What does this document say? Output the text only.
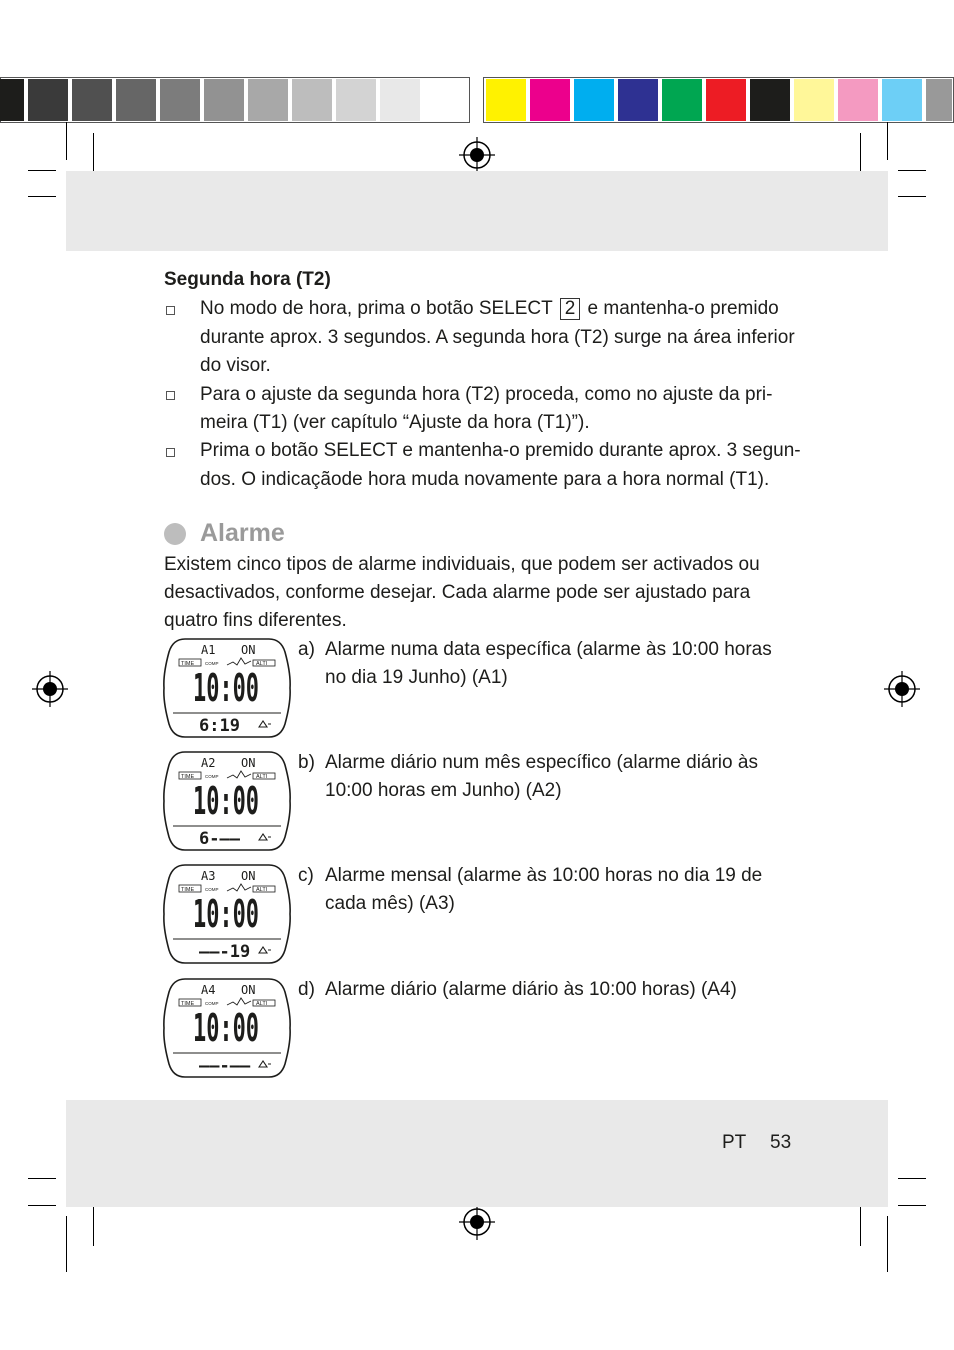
Segunda hora (T2)
No modo de hora, prima o botão SELECT 2 e mantenha-o premido
durante aprox. 3 segundos. A segunda hora (T2) surge na área inferior
do visor.
Para o ajuste da segunda hora (T2) proceda, como no ajuste da pri-
meira (T1) (ver capítulo “Ajuste da hora (T1)”).
Prima o botão SELECT e mantenha-o premido durante aprox. 3 segun-
dos. O indicaçãode hora muda novamente para a hora normal (T1).
Alarme
Existem cinco tipos de alarme individuais, que podem ser activados ou
desactivados, conforme desejar. Cada alarme pode ser ajustado para
quatro fins diferentes.
a) Alarme numa data específica (alarme às 10:00 horas
no dia 19 Junho) (A1)
b) Alarme diário num mês específico (alarme diário às
10:00 horas em Junho) (A2)
c) Alarme mensal (alarme às 10:00 horas no dia 19 de
cada mês) (A3)
d) Alarme diário (alarme diário às 10:00 horas) (A4)
A1 ON
TIME COMP	ALTI
10:00
6:19
A2 ON
TIME COMP	ALTI
10:00
6-‒‒
A3 ON
TIME COMP	ALTI
10:00
‒‒-19
A4 ON
TIME COMP	ALTI
10:00
‒‒-‒‒
PT 53
